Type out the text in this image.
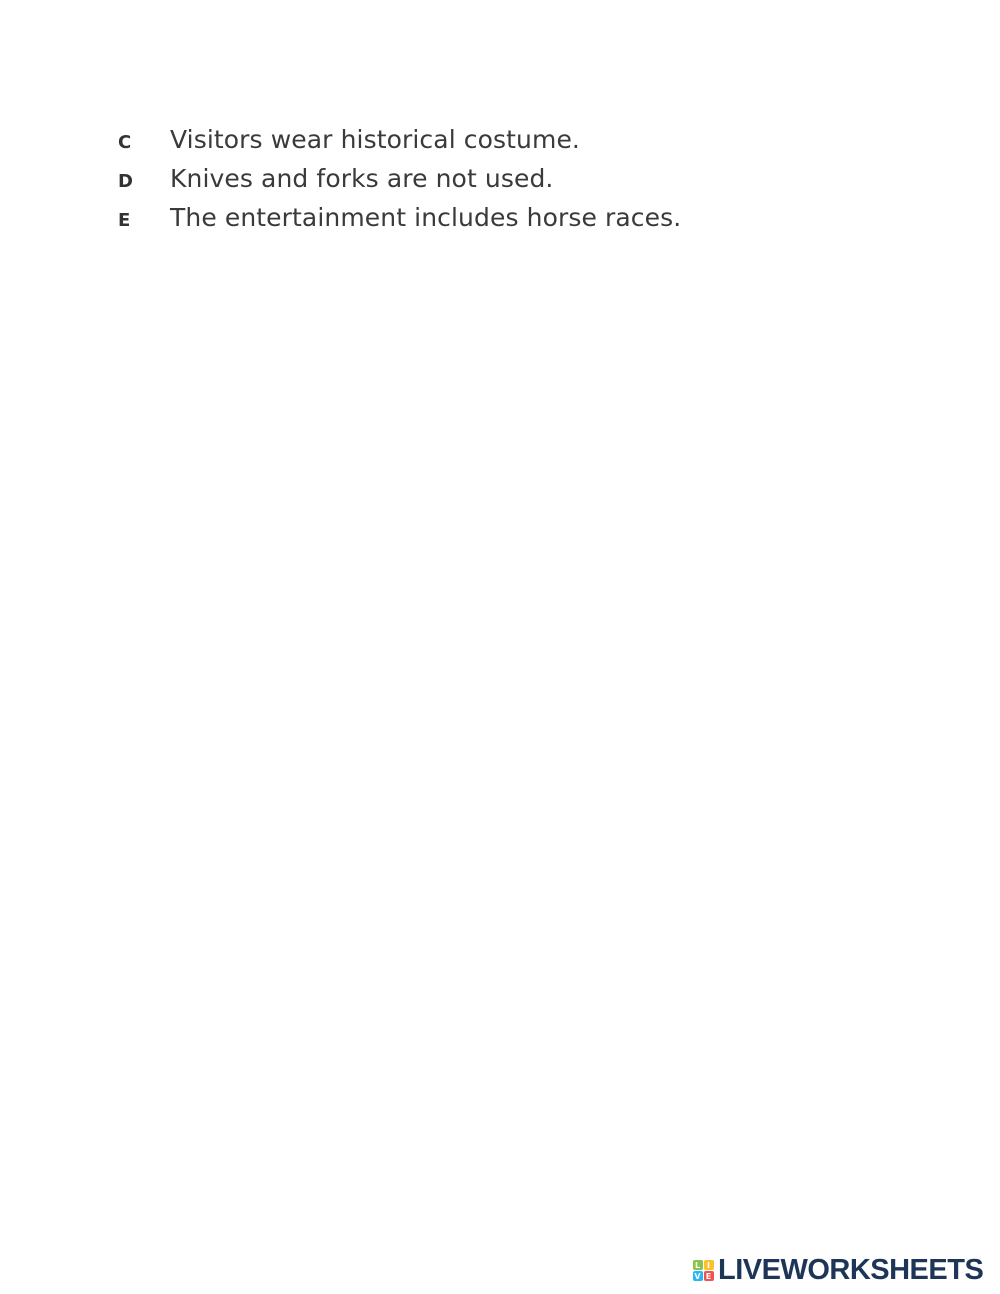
C	Visitors wear historical costume.
D	Knives and forks are not used.
E	The entertainment includes horse races.
L I
V E LIVEWORKSHEETS
